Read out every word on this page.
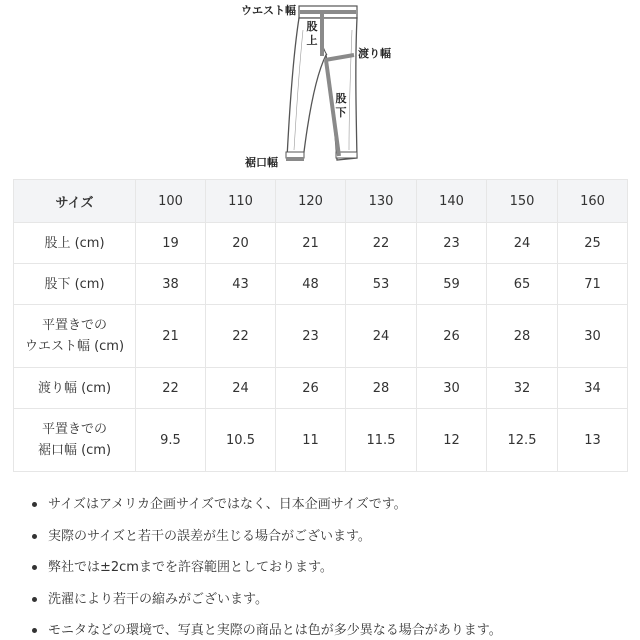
ウエスト幅
股上
渡り幅
股下
裾口幅
サイズ	100	110	120	130	140	150	160
股上 (cm)	19	20	21	22	23	24	25
股下 (cm)	38	43	48	53	59	65	71
平置きでの
ウエスト幅 (cm)	21	22	23	24	26	28	30
渡り幅 (cm)	22	24	26	28	30	32	34
平置きでの
裾口幅 (cm)	9.5	10.5	11	11.5	12	12.5	13
サイズはアメリカ企画サイズではなく、日本企画サイズです。
実際のサイズと若干の誤差が生じる場合がございます。
弊社では±2cmまでを許容範囲としております。
洗濯により若干の縮みがございます。
モニタなどの環境で、写真と実際の商品とは色が多少異なる場合があります。
